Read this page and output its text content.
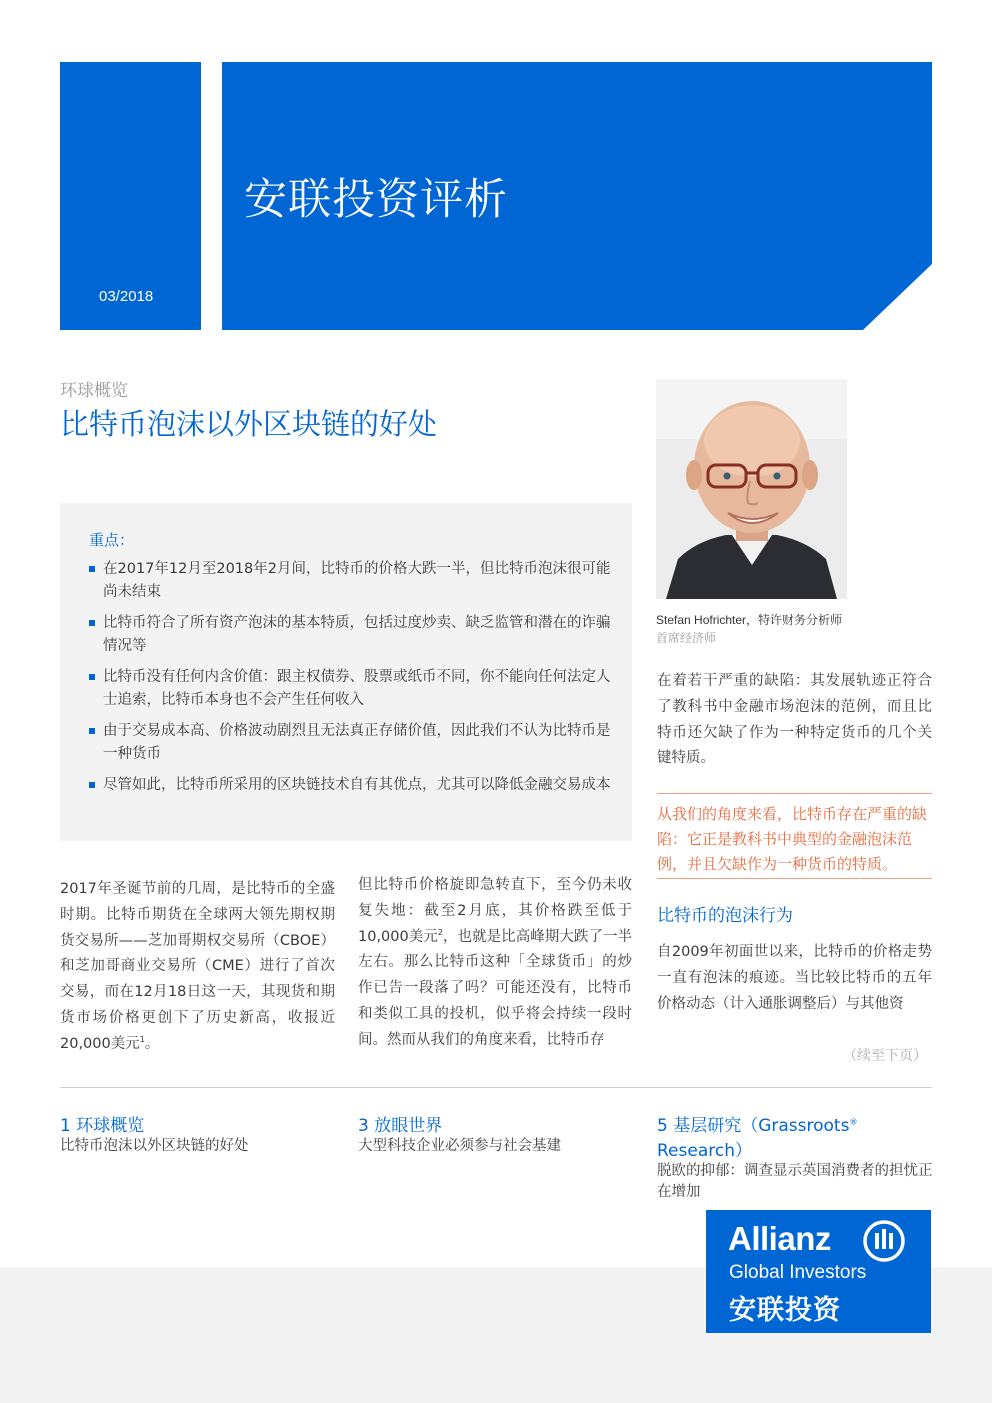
03/2018
安联投资评析
环球概览
比特币泡沫以外区块链的好处
重点：
在2017年12月至2018年2月间，比特币的价格大跌一半，但比特币泡沫很可能尚未结束
比特币符合了所有资产泡沫的基本特质，包括过度炒卖、缺乏监管和潜在的诈骗情况等
比特币没有任何内含价值：跟主权债券、股票或纸币不同，你不能向任何法定人士追索，比特币本身也不会产生任何收入
由于交易成本高、价格波动剧烈且无法真正存储价值，因此我们不认为比特币是一种货币
尽管如此，比特币所采用的区块链技术自有其优点，尤其可以降低金融交易成本
2017年圣诞节前的几周，是比特币的全盛时期。比特币期货在全球两大领先期权期货交易所——芝加哥期权交易所（CBOE）和芝加哥商业交易所（CME）进行了首次交易，而在12月18日这一天，其现货和期货市场价格更创下了历史新高，收报近20,000美元$^1$。
但比特币价格旋即急转直下，至今仍未收复失地：截至2月底，其价格跌至低于10,000美元$^2$，也就是比高峰期大跌了一半左右。那么比特币这种「全球货币」的炒作已告一段落了吗？可能还没有，比特币和类似工具的投机，似乎将会持续一段时间。然而从我们的角度来看，比特币存
Stefan Hofrichter，特许财务分析师
首席经济师
在着若干严重的缺陷：其发展轨迹正符合了教科书中金融市场泡沫的范例，而且比特币还欠缺了作为一种特定货币的几个关键特质。
从我们的角度来看，比特币存在严重的缺陷：它正是教科书中典型的金融泡沫范例，并且欠缺作为一种货币的特质。
比特币的泡沫行为
自2009年初面世以来，比特币的价格走势一直有泡沫的痕迹。当比较比特币的五年价格动态（计入通胀调整后）与其他资
（续至下页）
1 环球概览
比特币泡沫以外区块链的好处
3 放眼世界
大型科技企业必须参与社会基建
5 基层研究（Grassroots® Research）
脱欧的抑郁：调查显示英国消费者的担忧正在增加
Allianz
Global Investors
安联投资
